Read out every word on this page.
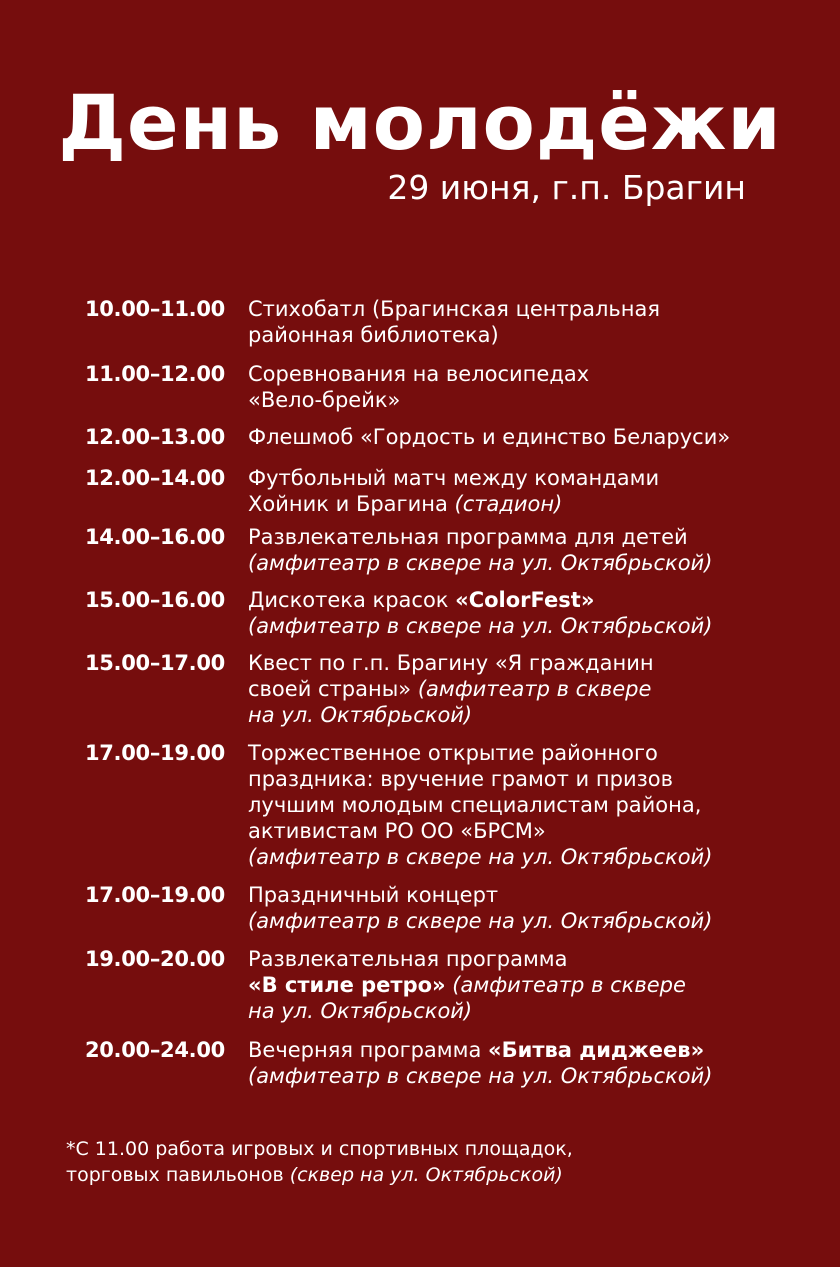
День молодёжи

29 июня, г.п. Брагин

10.00–11.00 Стихобатл (Брагинская центральная
районная библиотека)
11.00–12.00 Соревнования на велосипедах
«Вело-брейк»
12.00–13.00 Флешмоб «Гордость и единство Беларуси»
12.00–14.00 Футбольный матч между командами
Хойник и Брагина (стадион)
14.00–16.00 Развлекательная программа для детей
(амфитеатр в сквере на ул. Октябрьской)
15.00–16.00 Дискотека красок «ColorFest»
(амфитеатр в сквере на ул. Октябрьской)
15.00–17.00 Квест по г.п. Брагину «Я гражданин
своей страны» (амфитеатр в сквере
на ул. Октябрьской)
17.00–19.00 Торжественное открытие районного
праздника: вручение грамот и призов
лучшим молодым специалистам района,
активистам РО ОО «БРСМ»
(амфитеатр в сквере на ул. Октябрьской)
17.00–19.00 Праздничный концерт
(амфитеатр в сквере на ул. Октябрьской)
19.00–20.00 Развлекательная программа
«В стиле ретро» (амфитеатр в сквере
на ул. Октябрьской)
20.00–24.00 Вечерняя программа «Битва диджеев»
(амфитеатр в сквере на ул. Октябрьской)

*С 11.00 работа игровых и спортивных площадок,
торговых павильонов (сквер на ул. Октябрьской)
